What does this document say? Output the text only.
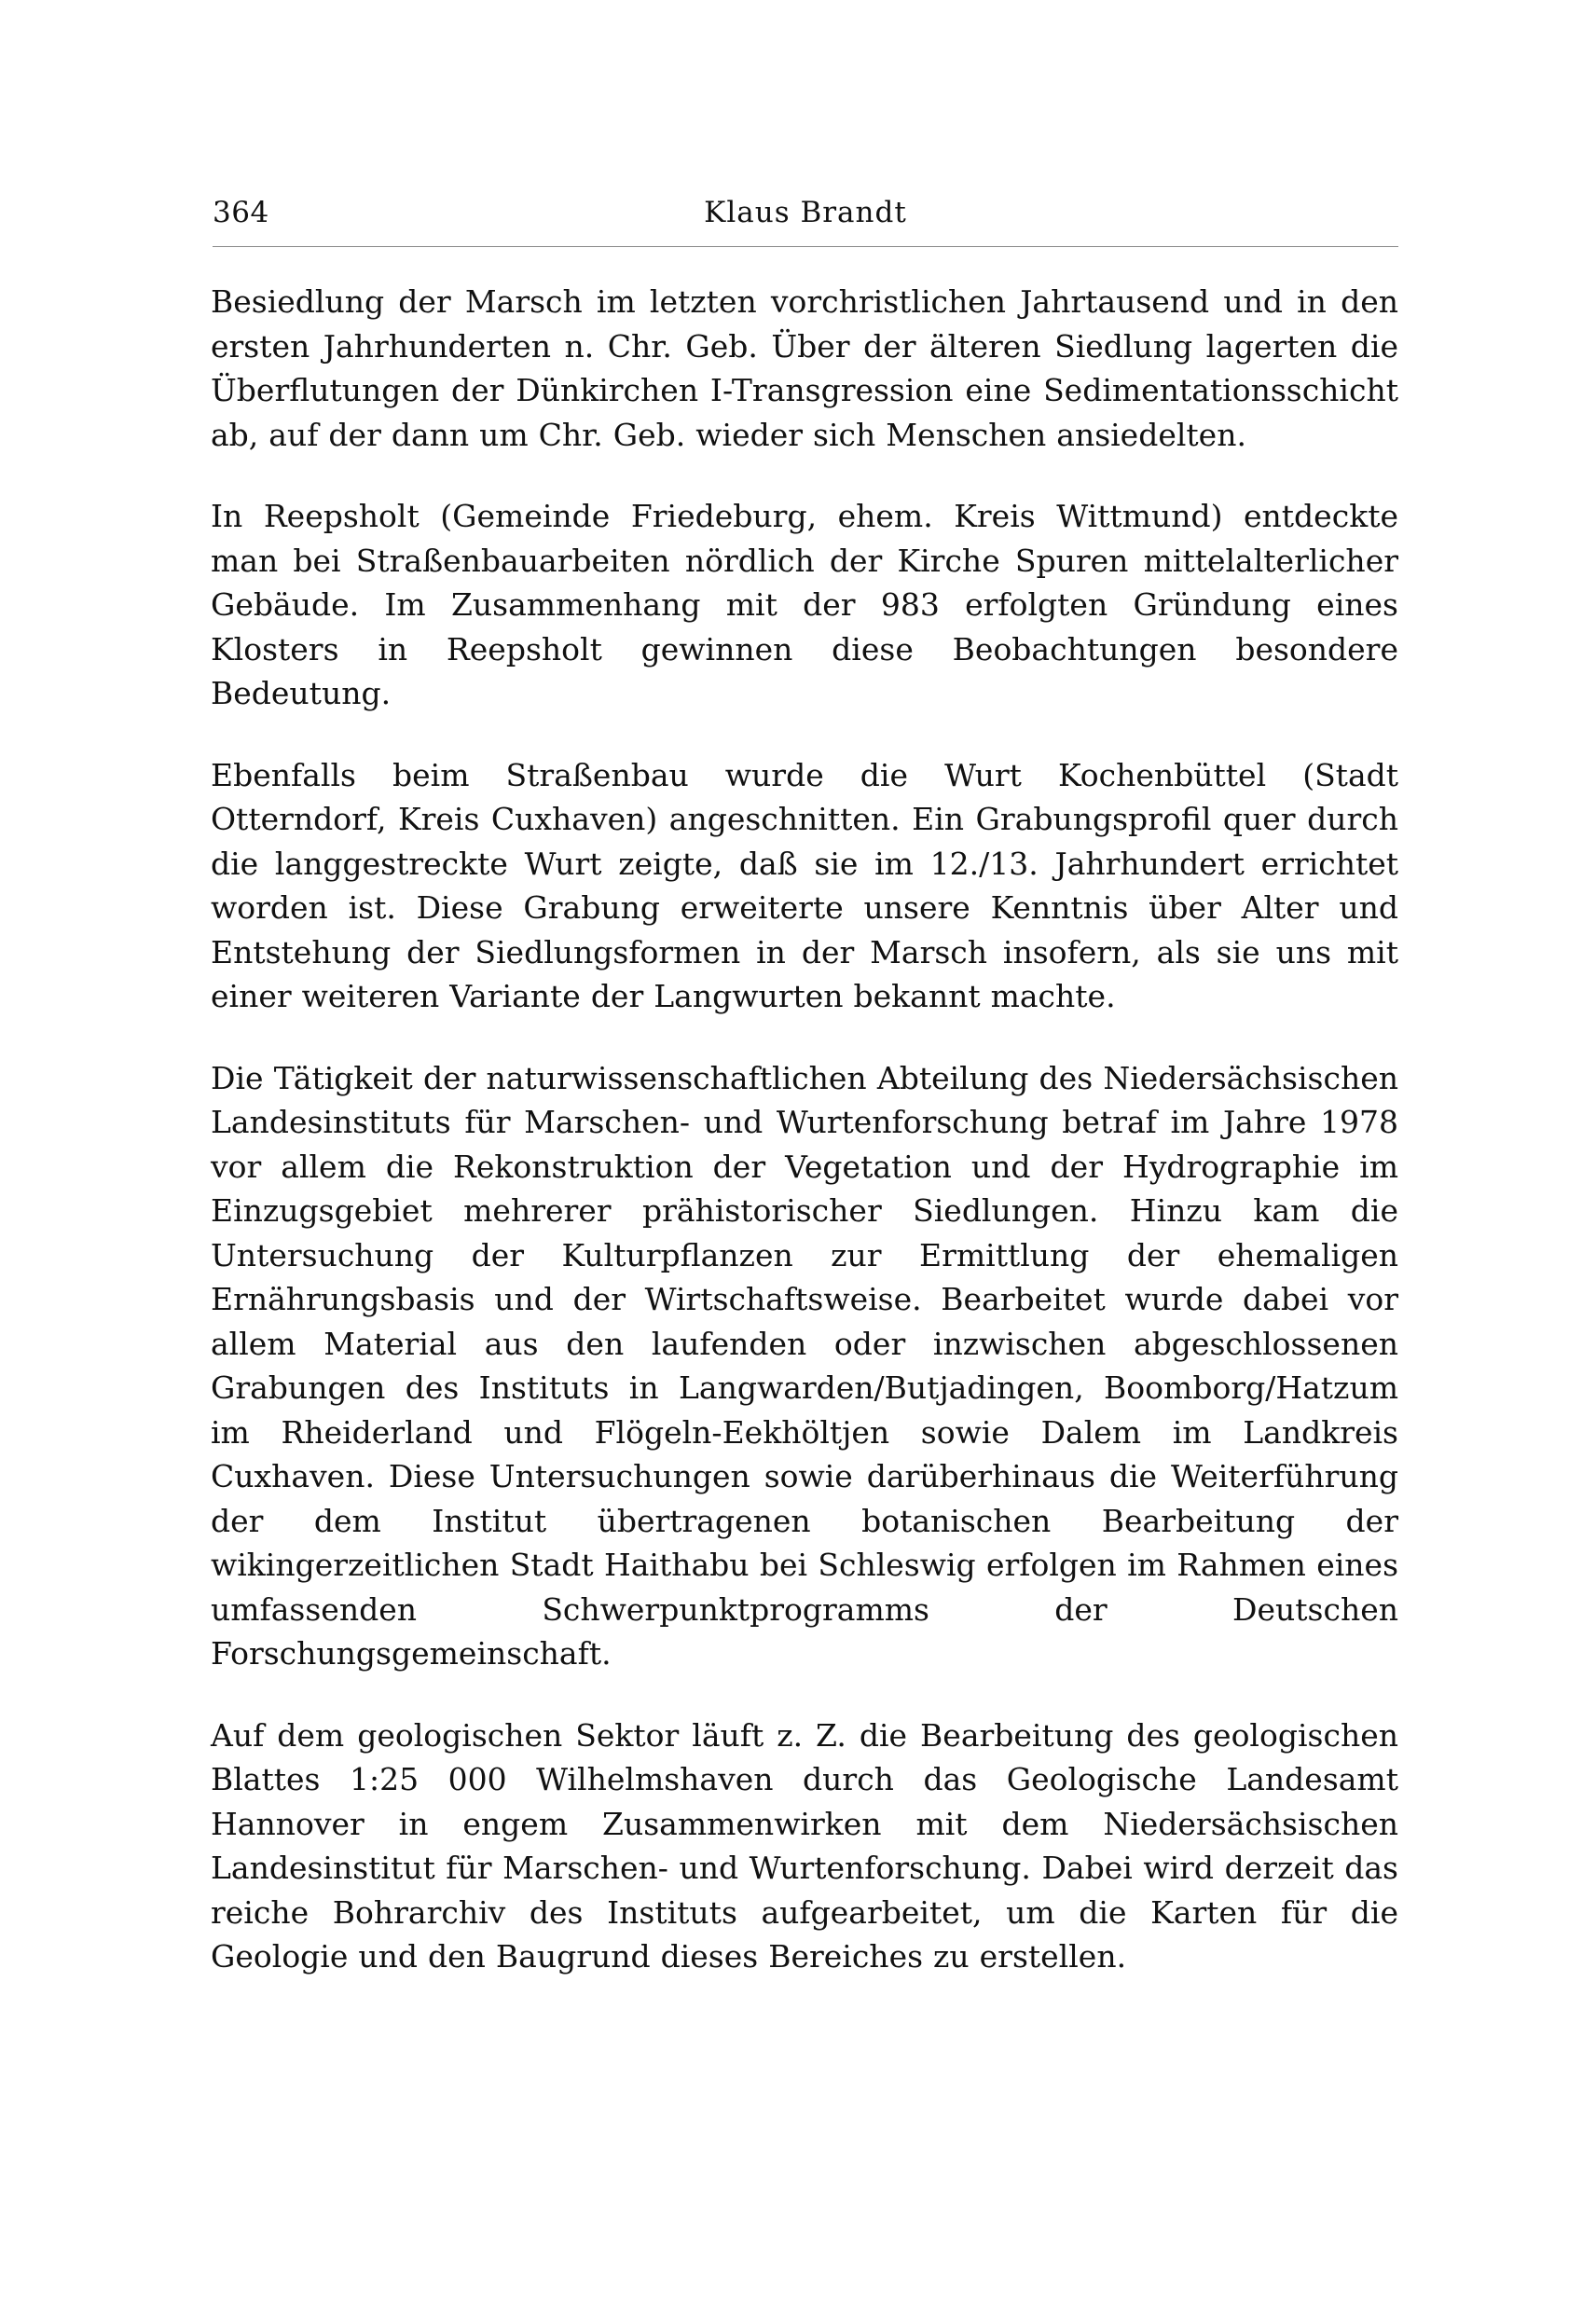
364	Klaus Brandt

Besiedlung der Marsch im letzten vorchristlichen Jahrtausend und in den ersten Jahrhunderten n. Chr. Geb. Über der älteren Siedlung lagerten die Überflutungen der Dünkirchen I-Transgression eine Sedimentationsschicht ab, auf der dann um Chr. Geb. wieder sich Menschen ansiedelten.

In Reepsholt (Gemeinde Friedeburg, ehem. Kreis Wittmund) entdeckte man bei Straßenbauarbeiten nördlich der Kirche Spuren mittelalterlicher Gebäude. Im Zusammenhang mit der 983 erfolgten Gründung eines Klosters in Reepsholt gewinnen diese Beobachtungen besondere Bedeutung.

Ebenfalls beim Straßenbau wurde die Wurt Kochenbüttel (Stadt Otterndorf, Kreis Cuxhaven) angeschnitten. Ein Grabungsprofil quer durch die langgestreckte Wurt zeigte, daß sie im 12./13. Jahrhundert errichtet worden ist. Diese Grabung erweiterte unsere Kenntnis über Alter und Entstehung der Siedlungsformen in der Marsch insofern, als sie uns mit einer weiteren Variante der Langwurten bekannt machte.

Die Tätigkeit der naturwissenschaftlichen Abteilung des Niedersächsischen Landesinstituts für Marschen- und Wurtenforschung betraf im Jahre 1978 vor allem die Rekonstruktion der Vegetation und der Hydrographie im Einzugsgebiet mehrerer prähistorischer Siedlungen. Hinzu kam die Untersuchung der Kulturpflanzen zur Ermittlung der ehemaligen Ernährungsbasis und der Wirtschaftsweise. Bearbeitet wurde dabei vor allem Material aus den laufenden oder inzwischen abgeschlossenen Grabungen des Instituts in Langwarden/Butjadingen, Boomborg/Hatzum im Rheiderland und Flögeln-Eekhöltjen sowie Dalem im Landkreis Cuxhaven. Diese Untersuchungen sowie darüberhinaus die Weiterführung der dem Institut übertragenen botanischen Bearbeitung der wikingerzeitlichen Stadt Haithabu bei Schleswig erfolgen im Rahmen eines umfassenden Schwerpunktprogramms der Deutschen Forschungsgemeinschaft.

Auf dem geologischen Sektor läuft z. Z. die Bearbeitung des geologischen Blattes 1:25 000 Wilhelmshaven durch das Geologische Landesamt Hannover in engem Zusammenwirken mit dem Niedersächsischen Landesinstitut für Marschen- und Wurtenforschung. Dabei wird derzeit das reiche Bohrarchiv des Instituts aufgearbeitet, um die Karten für die Geologie und den Baugrund dieses Bereiches zu erstellen.
